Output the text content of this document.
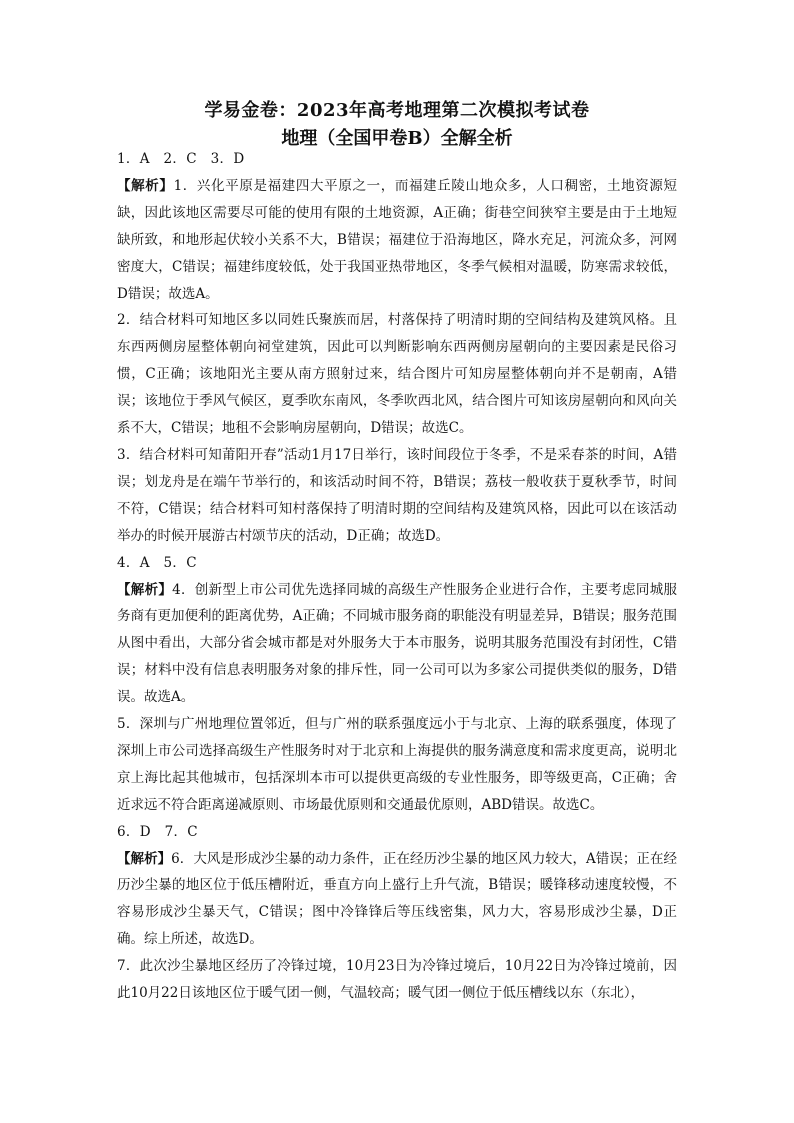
学易金卷：2023年高考地理第二次模拟考试卷
地理（全国甲卷B）全解全析

1．A　2．C　3．D

【解析】1．兴化平原是福建四大平原之一，而福建丘陵山地众多，人口稠密，土地资源短缺，因此该地区需要尽可能的使用有限的土地资源，A正确；街巷空间狭窄主要是由于土地短缺所致，和地形起伏较小关系不大，B错误；福建位于沿海地区，降水充足，河流众多，河网密度大，C错误；福建纬度较低，处于我国亚热带地区，冬季气候相对温暖，防寒需求较低，D错误；故选A。

2．结合材料可知地区多以同姓氏聚族而居，村落保持了明清时期的空间结构及建筑风格。且东西两侧房屋整体朝向祠堂建筑，因此可以判断影响东西两侧房屋朝向的主要因素是民俗习惯，C正确；该地阳光主要从南方照射过来，结合图片可知房屋整体朝向并不是朝南，A错误；该地位于季风气候区，夏季吹东南风，冬季吹西北风，结合图片可知该房屋朝向和风向关系不大，C错误；地租不会影响房屋朝向，D错误；故选C。

3．结合材料可知莆阳开春”活动1月17日举行，该时间段位于冬季，不是采春茶的时间，A错误；划龙舟是在端午节举行的，和该活动时间不符，B错误；荔枝一般收获于夏秋季节，时间不符，C错误；结合材料可知村落保持了明清时期的空间结构及建筑风格，因此可以在该活动举办的时候开展游古村颂节庆的活动，D正确；故选D。

4．A　5．C

【解析】4．创新型上市公司优先选择同城的高级生产性服务企业进行合作，主要考虑同城服务商有更加便利的距离优势，A正确；不同城市服务商的职能没有明显差异，B错误；服务范围从图中看出，大部分省会城市都是对外服务大于本市服务，说明其服务范围没有封闭性，C错误；材料中没有信息表明服务对象的排斥性，同一公司可以为多家公司提供类似的服务，D错误。故选A。

5．深圳与广州地理位置邻近，但与广州的联系强度远小于与北京、上海的联系强度，体现了深圳上市公司选择高级生产性服务时对于北京和上海提供的服务满意度和需求度更高，说明北京上海比起其他城市，包括深圳本市可以提供更高级的专业性服务，即等级更高，C正确；舍近求远不符合距离递减原则、市场最优原则和交通最优原则，ABD错误。故选C。

6．D　7．C

【解析】6．大风是形成沙尘暴的动力条件，正在经历沙尘暴的地区风力较大，A错误；正在经历沙尘暴的地区位于低压槽附近，垂直方向上盛行上升气流，B错误；暖锋移动速度较慢，不容易形成沙尘暴天气，C错误；图中冷锋锋后等压线密集，风力大，容易形成沙尘暴，D正确。综上所述，故选D。

7．此次沙尘暴地区经历了冷锋过境，10月23日为冷锋过境后，10月22日为冷锋过境前，因此10月22日该地区位于暖气团一侧，气温较高；暖气团一侧位于低压槽线以东（东北），
